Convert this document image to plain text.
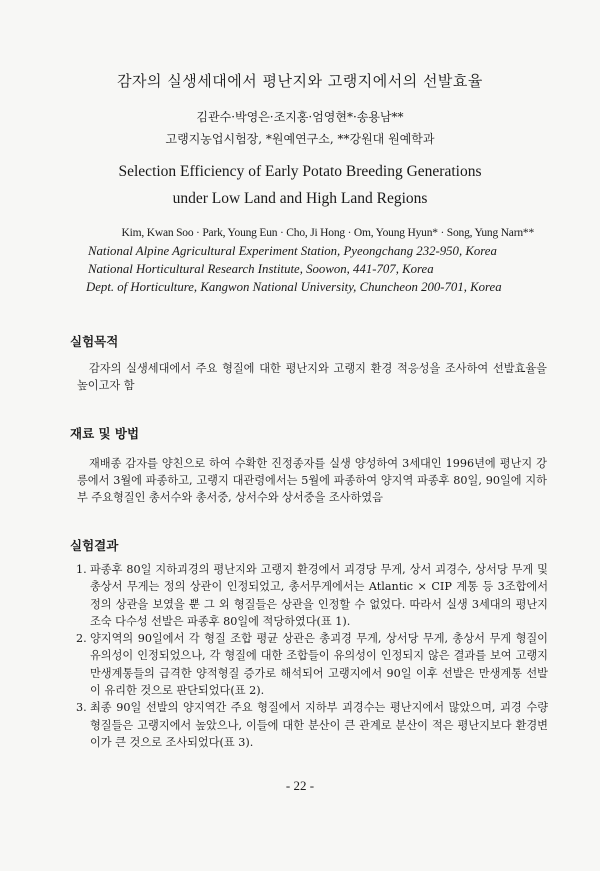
감자의 실생세대에서 평난지와 고랭지에서의 선발효율
김관수·박영은·조지홍·엄영현*·송용남**
고랭지농업시험장, *원예연구소, **강원대 원예학과
Selection Efficiency of Early Potato Breeding Generations
under Low Land and High Land Regions
Kim, Kwan Soo · Park, Young Eun · Cho, Ji Hong · Om, Young Hyun* · Song, Yung Narn**
National Alpine Agricultural Experiment Station, Pyeongchang 232-950, Korea
National Horticultural Research Institute, Soowon, 441-707, Korea
Dept. of Horticulture, Kangwon National University, Chuncheon 200-701, Korea
실험목적
감자의 실생세대에서 주요 형질에 대한 평난지와 고랭지 환경 적응성을 조사하여 선발효율을 높이고자 함
재료 및 방법
재배종 감자를 양친으로 하여 수확한 진정종자를 실생 양성하여 3세대인 1996년에 평난지 강릉에서 3월에 파종하고, 고랭지 대관령에서는 5월에 파종하여 양지역 파종후 80일, 90일에 지하부 주요형질인 총서수와 총서중, 상서수와 상서중을 조사하였음
실험결과
1. 파종후 80일 지하괴경의 평난지와 고랭지 환경에서 괴경당 무게, 상서 괴경수, 상서당 무게 및 총상서 무게는 정의 상관이 인정되었고, 총서무게에서는 Atlantic × CIP 계통 등 3조합에서 정의 상관을 보였을 뿐 그 외 형질들은 상관을 인정할 수 없었다. 따라서 실생 3세대의 평난지 조숙 다수성 선발은 파종후 80일에 적당하였다(표 1).
2. 양지역의 90일에서 각 형질 조합 평균 상관은 총괴경 무게, 상서당 무게, 총상서 무게 형질이 유의성이 인정되었으나, 각 형질에 대한 조합들이 유의성이 인정되지 않은 결과를 보여 고랭지 만생계통들의 급격한 양적형질 증가로 해석되어 고랭지에서 90일 이후 선발은 만생계통 선발이 유리한 것으로 판단되었다(표 2).
3. 최종 90일 선발의 양지역간 주요 형질에서 지하부 괴경수는 평난지에서 많았으며, 괴경 수량 형질들은 고랭지에서 높았으나, 이들에 대한 분산이 큰 관계로 분산이 적은 평난지보다 환경변이가 큰 것으로 조사되었다(표 3).
- 22 -
